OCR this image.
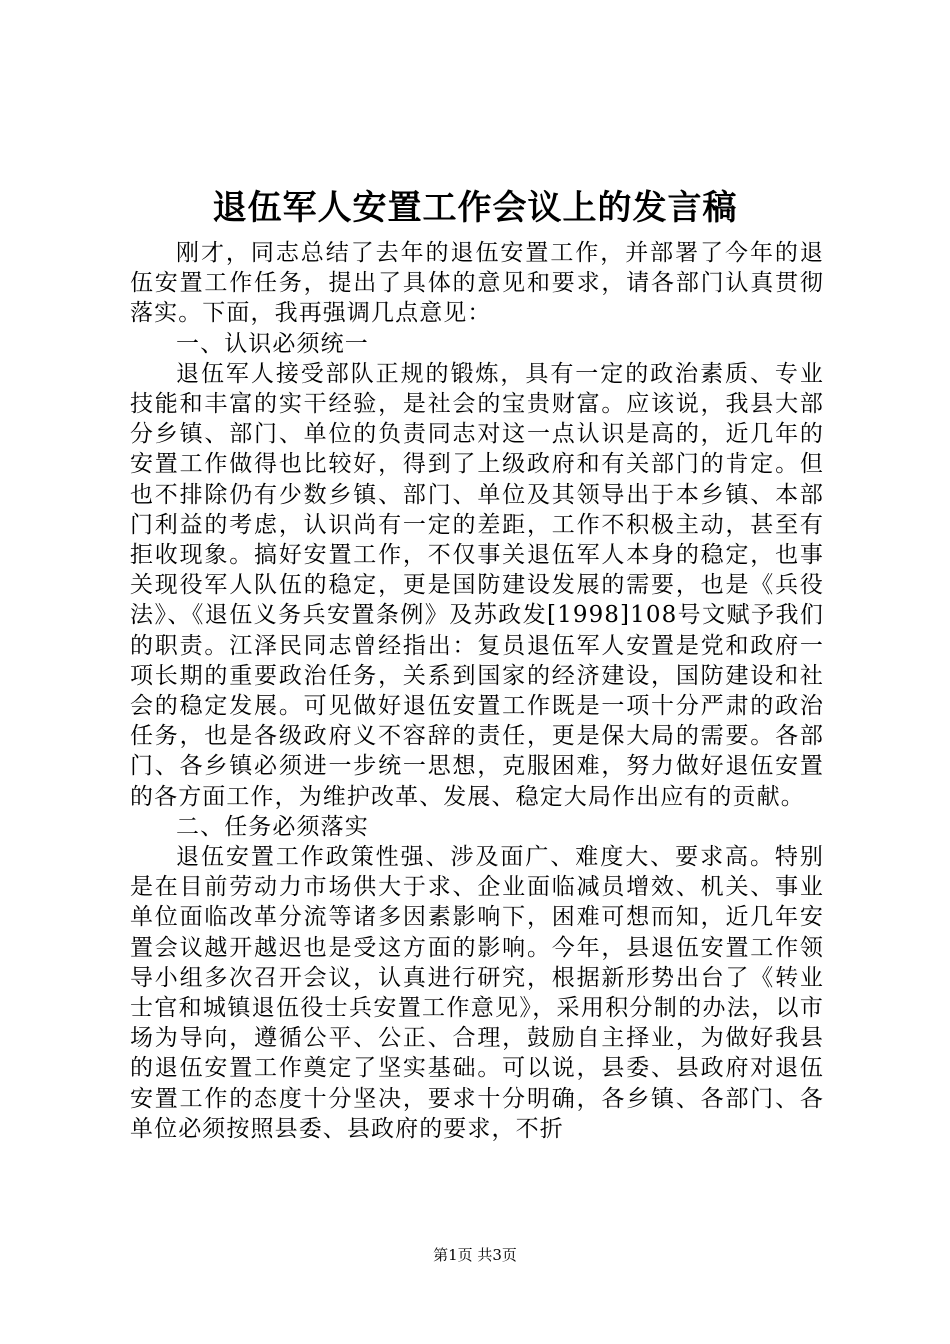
退伍军人安置工作会议上的发言稿

刚才，同志总结了去年的退伍安置工作，并部署了今年的退伍安置工作任务，提出了具体的意见和要求，请各部门认真贯彻落实。下面，我再强调几点意见：

一、认识必须统一

退伍军人接受部队正规的锻炼，具有一定的政治素质、专业技能和丰富的实干经验，是社会的宝贵财富。应该说，我县大部分乡镇、部门、单位的负责同志对这一点认识是高的，近几年的安置工作做得也比较好，得到了上级政府和有关部门的肯定。但也不排除仍有少数乡镇、部门、单位及其领导出于本乡镇、本部门利益的考虑，认识尚有一定的差距，工作不积极主动，甚至有拒收现象。搞好安置工作，不仅事关退伍军人本身的稳定，也事关现役军人队伍的稳定，更是国防建设发展的需要，也是《兵役法》、《退伍义务兵安置条例》及苏政发[1998]108号文赋予我们的职责。江泽民同志曾经指出：复员退伍军人安置是党和政府一项长期的重要政治任务，关系到国家的经济建设，国防建设和社会的稳定发展。可见做好退伍安置工作既是一项十分严肃的政治任务，也是各级政府义不容辞的责任，更是保大局的需要。各部门、各乡镇必须进一步统一思想，克服困难，努力做好退伍安置的各方面工作，为维护改革、发展、稳定大局作出应有的贡献。

二、任务必须落实

退伍安置工作政策性强、涉及面广、难度大、要求高。特别是在目前劳动力市场供大于求、企业面临减员增效、机关、事业单位面临改革分流等诸多因素影响下，困难可想而知，近几年安置会议越开越迟也是受这方面的影响。今年，县退伍安置工作领导小组多次召开会议，认真进行研究，根据新形势出台了《转业士官和城镇退伍役士兵安置工作意见》，采用积分制的办法，以市场为导向，遵循公平、公正、合理，鼓励自主择业，为做好我县的退伍安置工作奠定了坚实基础。可以说，县委、县政府对退伍安置工作的态度十分坚决，要求十分明确，各乡镇、各部门、各单位必须按照县委、县政府的要求，不折

第1页 共3页
